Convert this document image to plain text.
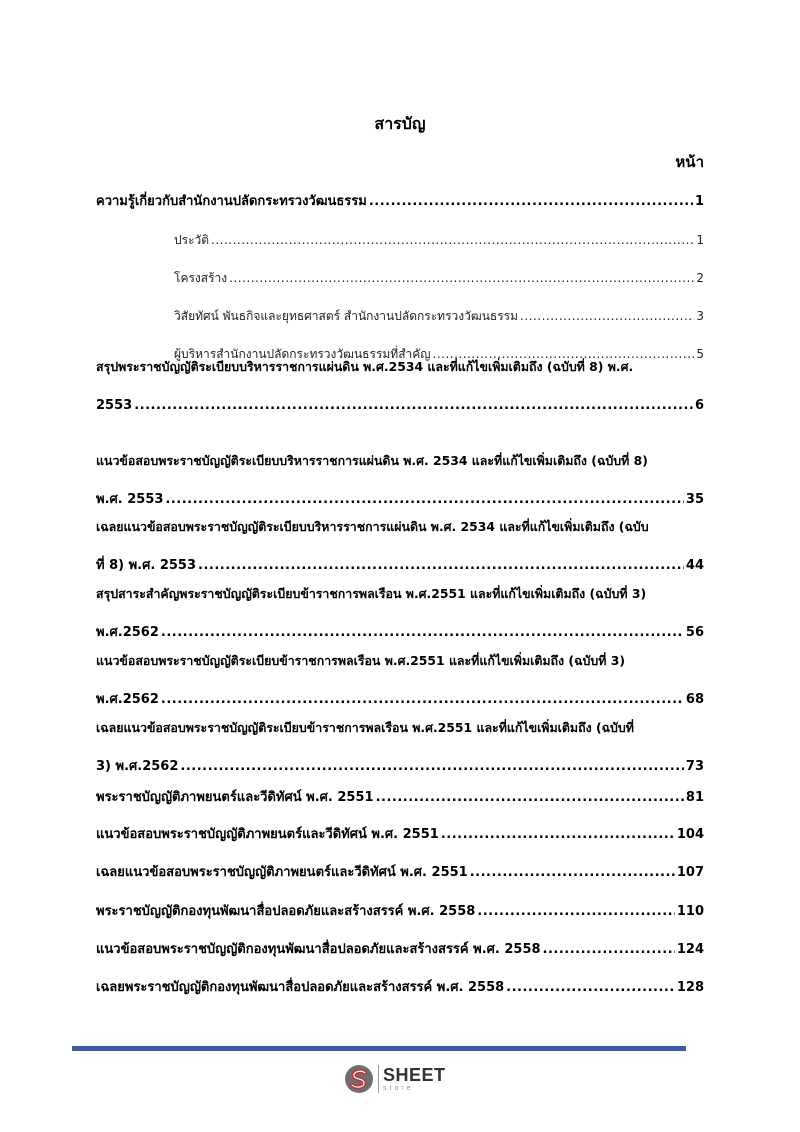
สารบัญ
หน้า
ความรู้เกี่ยวกับสำนักงานปลัดกระทรวงวัฒนธรรม .....	1
ประวัติ .....	1
โครงสร้าง .....	2
วิสัยทัศน์ พันธกิจและยุทธศาสตร์ สำนักงานปลัดกระทรวงวัฒนธรรม .....	3
ผู้บริหารสำนักงานปลัดกระทรวงวัฒนธรรมที่สำคัญ .....	5
สรุปพระราชบัญญัติระเบียบบริหารราชการแผ่นดิน พ.ศ.2534 และที่แก้ไขเพิ่มเติมถึง (ฉบับที่ 8) พ.ศ.
2553 .....	6
แนวข้อสอบพระราชบัญญัติระเบียบบริหารราชการแผ่นดิน พ.ศ. 2534 และที่แก้ไขเพิ่มเติมถึง (ฉบับที่ 8)
พ.ศ. 2553 .....	35
เฉลยแนวข้อสอบพระราชบัญญัติระเบียบบริหารราชการแผ่นดิน พ.ศ. 2534 และที่แก้ไขเพิ่มเติมถึง (ฉบับ
ที่ 8) พ.ศ. 2553 .....	44
สรุปสาระสำคัญพระราชบัญญัติระเบียบข้าราชการพลเรือน พ.ศ.2551 และที่แก้ไขเพิ่มเติมถึง (ฉบับที่ 3)
พ.ศ.2562 .....	56
แนวข้อสอบพระราชบัญญัติระเบียบข้าราชการพลเรือน พ.ศ.2551 และที่แก้ไขเพิ่มเติมถึง (ฉบับที่ 3)
พ.ศ.2562 .....	68
เฉลยแนวข้อสอบพระราชบัญญัติระเบียบข้าราชการพลเรือน พ.ศ.2551 และที่แก้ไขเพิ่มเติมถึง (ฉบับที่
3) พ.ศ.2562 .....	73
พระราชบัญญัติภาพยนตร์และวีดิทัศน์ พ.ศ. 2551 .....	81
แนวข้อสอบพระราชบัญญัติภาพยนตร์และวีดิทัศน์ พ.ศ. 2551 .....	104
เฉลยแนวข้อสอบพระราชบัญญัติภาพยนตร์และวีดิทัศน์ พ.ศ. 2551 .....	107
พระราชบัญญัติกองทุนพัฒนาสื่อปลอดภัยและสร้างสรรค์ พ.ศ. 2558 .....	110
แนวข้อสอบพระราชบัญญัติกองทุนพัฒนาสื่อปลอดภัยและสร้างสรรค์ พ.ศ. 2558 .....	124
เฉลยพระราชบัญญัติกองทุนพัฒนาสื่อปลอดภัยและสร้างสรรค์ พ.ศ. 2558 .....	128
SHEET
store
